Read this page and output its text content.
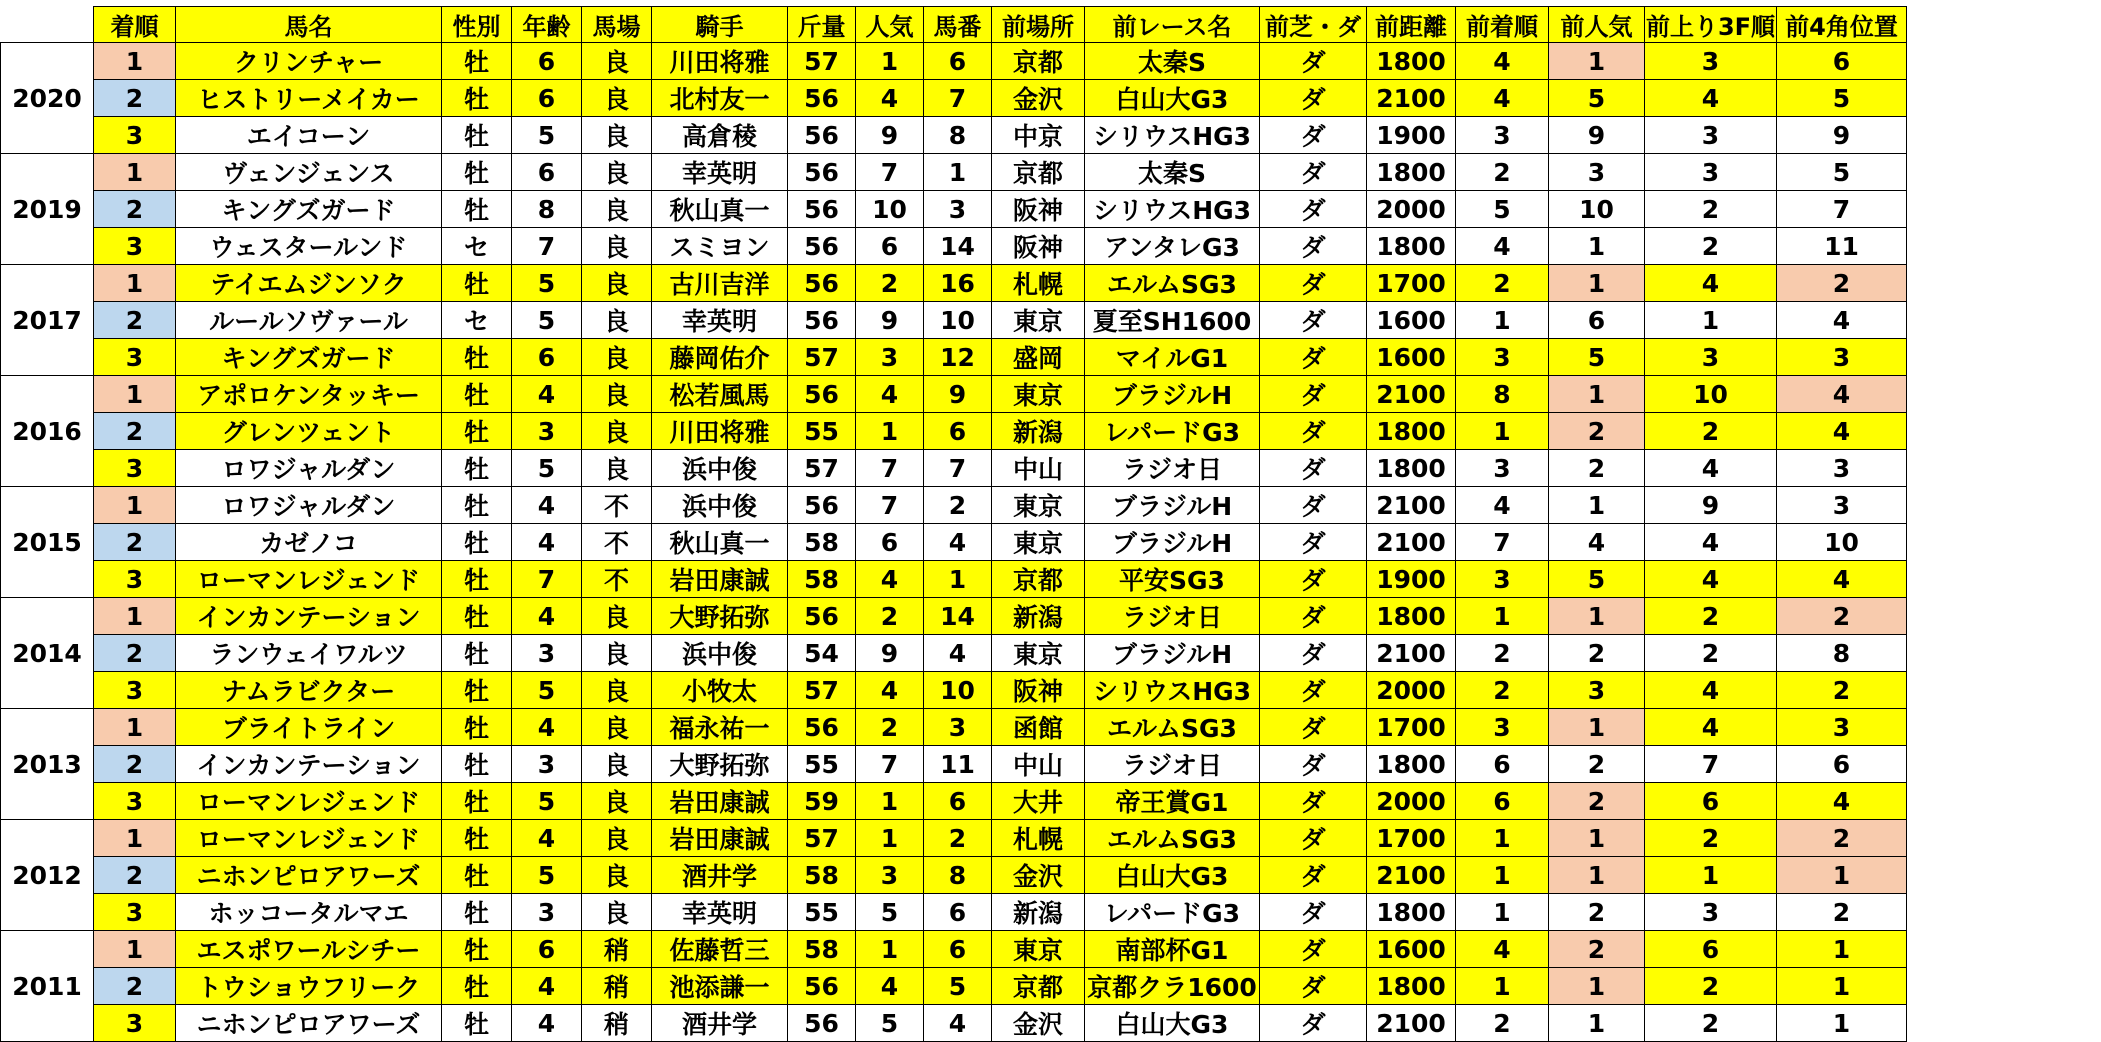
	着順	馬名	性別	年齢	馬場	騎手	斤量	人気	馬番	前場所	前レース名	前芝・ダ	前距離	前着順	前人気	前上り3F順	前4角位置	
2020	1	クリンチャー	牡	6	良	川田将雅	57	1	6	京都	太秦S	ダ	1800	4	1	3	6	
	2	ヒストリーメイカー	牡	6	良	北村友一	56	4	7	金沢	白山大G3	ダ	2100	4	5	4	5	
	3	エイコーン	牡	5	良	高倉稜	56	9	8	中京	シリウスHG3	ダ	1900	3	9	3	9	
2019	1	ヴェンジェンス	牡	6	良	幸英明	56	7	1	京都	太秦S	ダ	1800	2	3	3	5	
	2	キングズガード	牡	8	良	秋山真一	56	10	3	阪神	シリウスHG3	ダ	2000	5	10	2	7	
	3	ウェスタールンド	セ	7	良	スミヨン	56	6	14	阪神	アンタレG3	ダ	1800	4	1	2	11	
2017	1	テイエムジンソク	牡	5	良	古川吉洋	56	2	16	札幌	エルムSG3	ダ	1700	2	1	4	2	
	2	ルールソヴァール	セ	5	良	幸英明	56	9	10	東京	夏至SH1600	ダ	1600	1	6	1	4	
	3	キングズガード	牡	6	良	藤岡佑介	57	3	12	盛岡	マイルG1	ダ	1600	3	5	3	3	
2016	1	アポロケンタッキー	牡	4	良	松若風馬	56	4	9	東京	ブラジルH	ダ	2100	8	1	10	4	
	2	グレンツェント	牡	3	良	川田将雅	55	1	6	新潟	レパードG3	ダ	1800	1	2	2	4	
	3	ロワジャルダン	牡	5	良	浜中俊	57	7	7	中山	ラジオ日	ダ	1800	3	2	4	3	
2015	1	ロワジャルダン	牡	4	不	浜中俊	56	7	2	東京	ブラジルH	ダ	2100	4	1	9	3	
	2	カゼノコ	牡	4	不	秋山真一	58	6	4	東京	ブラジルH	ダ	2100	7	4	4	10	
	3	ローマンレジェンド	牡	7	不	岩田康誠	58	4	1	京都	平安SG3	ダ	1900	3	5	4	4	
2014	1	インカンテーション	牡	4	良	大野拓弥	56	2	14	新潟	ラジオ日	ダ	1800	1	1	2	2	
	2	ランウェイワルツ	牡	3	良	浜中俊	54	9	4	東京	ブラジルH	ダ	2100	2	2	2	8	
	3	ナムラビクター	牡	5	良	小牧太	57	4	10	阪神	シリウスHG3	ダ	2000	2	3	4	2	
2013	1	ブライトライン	牡	4	良	福永祐一	56	2	3	函館	エルムSG3	ダ	1700	3	1	4	3	
	2	インカンテーション	牡	3	良	大野拓弥	55	7	11	中山	ラジオ日	ダ	1800	6	2	7	6	
	3	ローマンレジェンド	牡	5	良	岩田康誠	59	1	6	大井	帝王賞G1	ダ	2000	6	2	6	4	
2012	1	ローマンレジェンド	牡	4	良	岩田康誠	57	1	2	札幌	エルムSG3	ダ	1700	1	1	2	2	
	2	ニホンピロアワーズ	牡	5	良	酒井学	58	3	8	金沢	白山大G3	ダ	2100	1	1	1	1	
	3	ホッコータルマエ	牡	3	良	幸英明	55	5	6	新潟	レパードG3	ダ	1800	1	2	3	2	
2011	1	エスポワールシチー	牡	6	稍	佐藤哲三	58	1	6	東京	南部杯G1	ダ	1600	4	2	6	1	
	2	トウショウフリーク	牡	4	稍	池添謙一	56	4	5	京都	京都クラ1600	ダ	1800	1	1	2	1	
	3	ニホンピロアワーズ	牡	4	稍	酒井学	56	5	4	金沢	白山大G3	ダ	2100	2	1	2	1	
